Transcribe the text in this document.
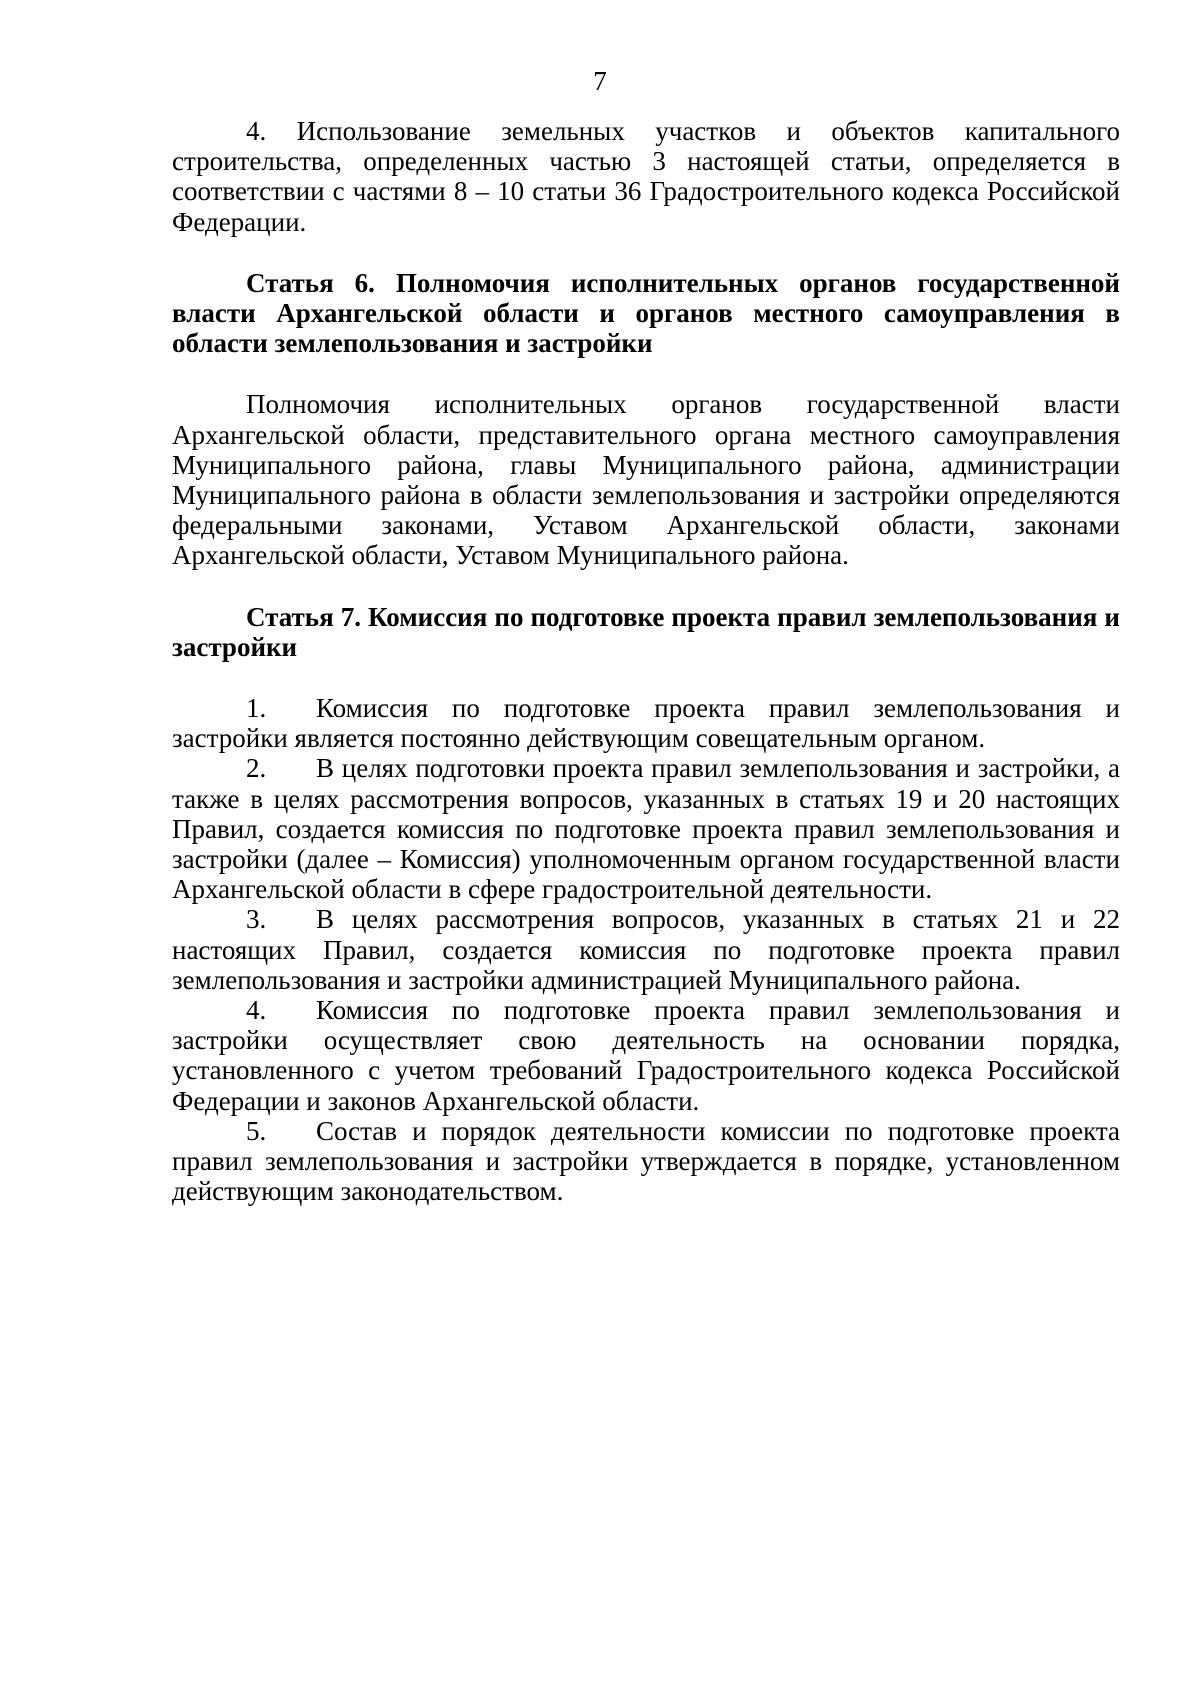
7

4. Использование земельных участков и объектов капитального строительства, определенных частью 3 настоящей статьи, определяется в соответствии с частями 8 – 10 статьи 36 Градостроительного кодекса Российской Федерации.

Статья 6. Полномочия исполнительных органов государственной власти Архангельской области и органов местного самоуправления в области землепользования и застройки

Полномочия исполнительных органов государственной власти Архангельской области, представительного органа местного самоуправления Муниципального района, главы Муниципального района, администрации Муниципального района в области землепользования и застройки определяются федеральными законами, Уставом Архангельской области, законами Архангельской области, Уставом Муниципального района.

Статья 7. Комиссия по подготовке проекта правил землепользования и застройки

1. Комиссия по подготовке проекта правил землепользования и застройки является постоянно действующим совещательным органом.

2. В целях подготовки проекта правил землепользования и застройки, а также в целях рассмотрения вопросов, указанных в статьях 19 и 20 настоящих Правил, создается комиссия по подготовке проекта правил землепользования и застройки (далее – Комиссия) уполномоченным органом государственной власти Архангельской области в сфере градостроительной деятельности.

3. В целях рассмотрения вопросов, указанных в статьях 21 и 22 настоящих Правил, создается комиссия по подготовке проекта правил землепользования и застройки администрацией Муниципального района.

4. Комиссия по подготовке проекта правил землепользования и застройки осуществляет свою деятельность на основании порядка, установленного с учетом требований Градостроительного кодекса Российской Федерации и законов Архангельской области.

5. Состав и порядок деятельности комиссии по подготовке проекта правил землепользования и застройки утверждается в порядке, установленном действующим законодательством.
